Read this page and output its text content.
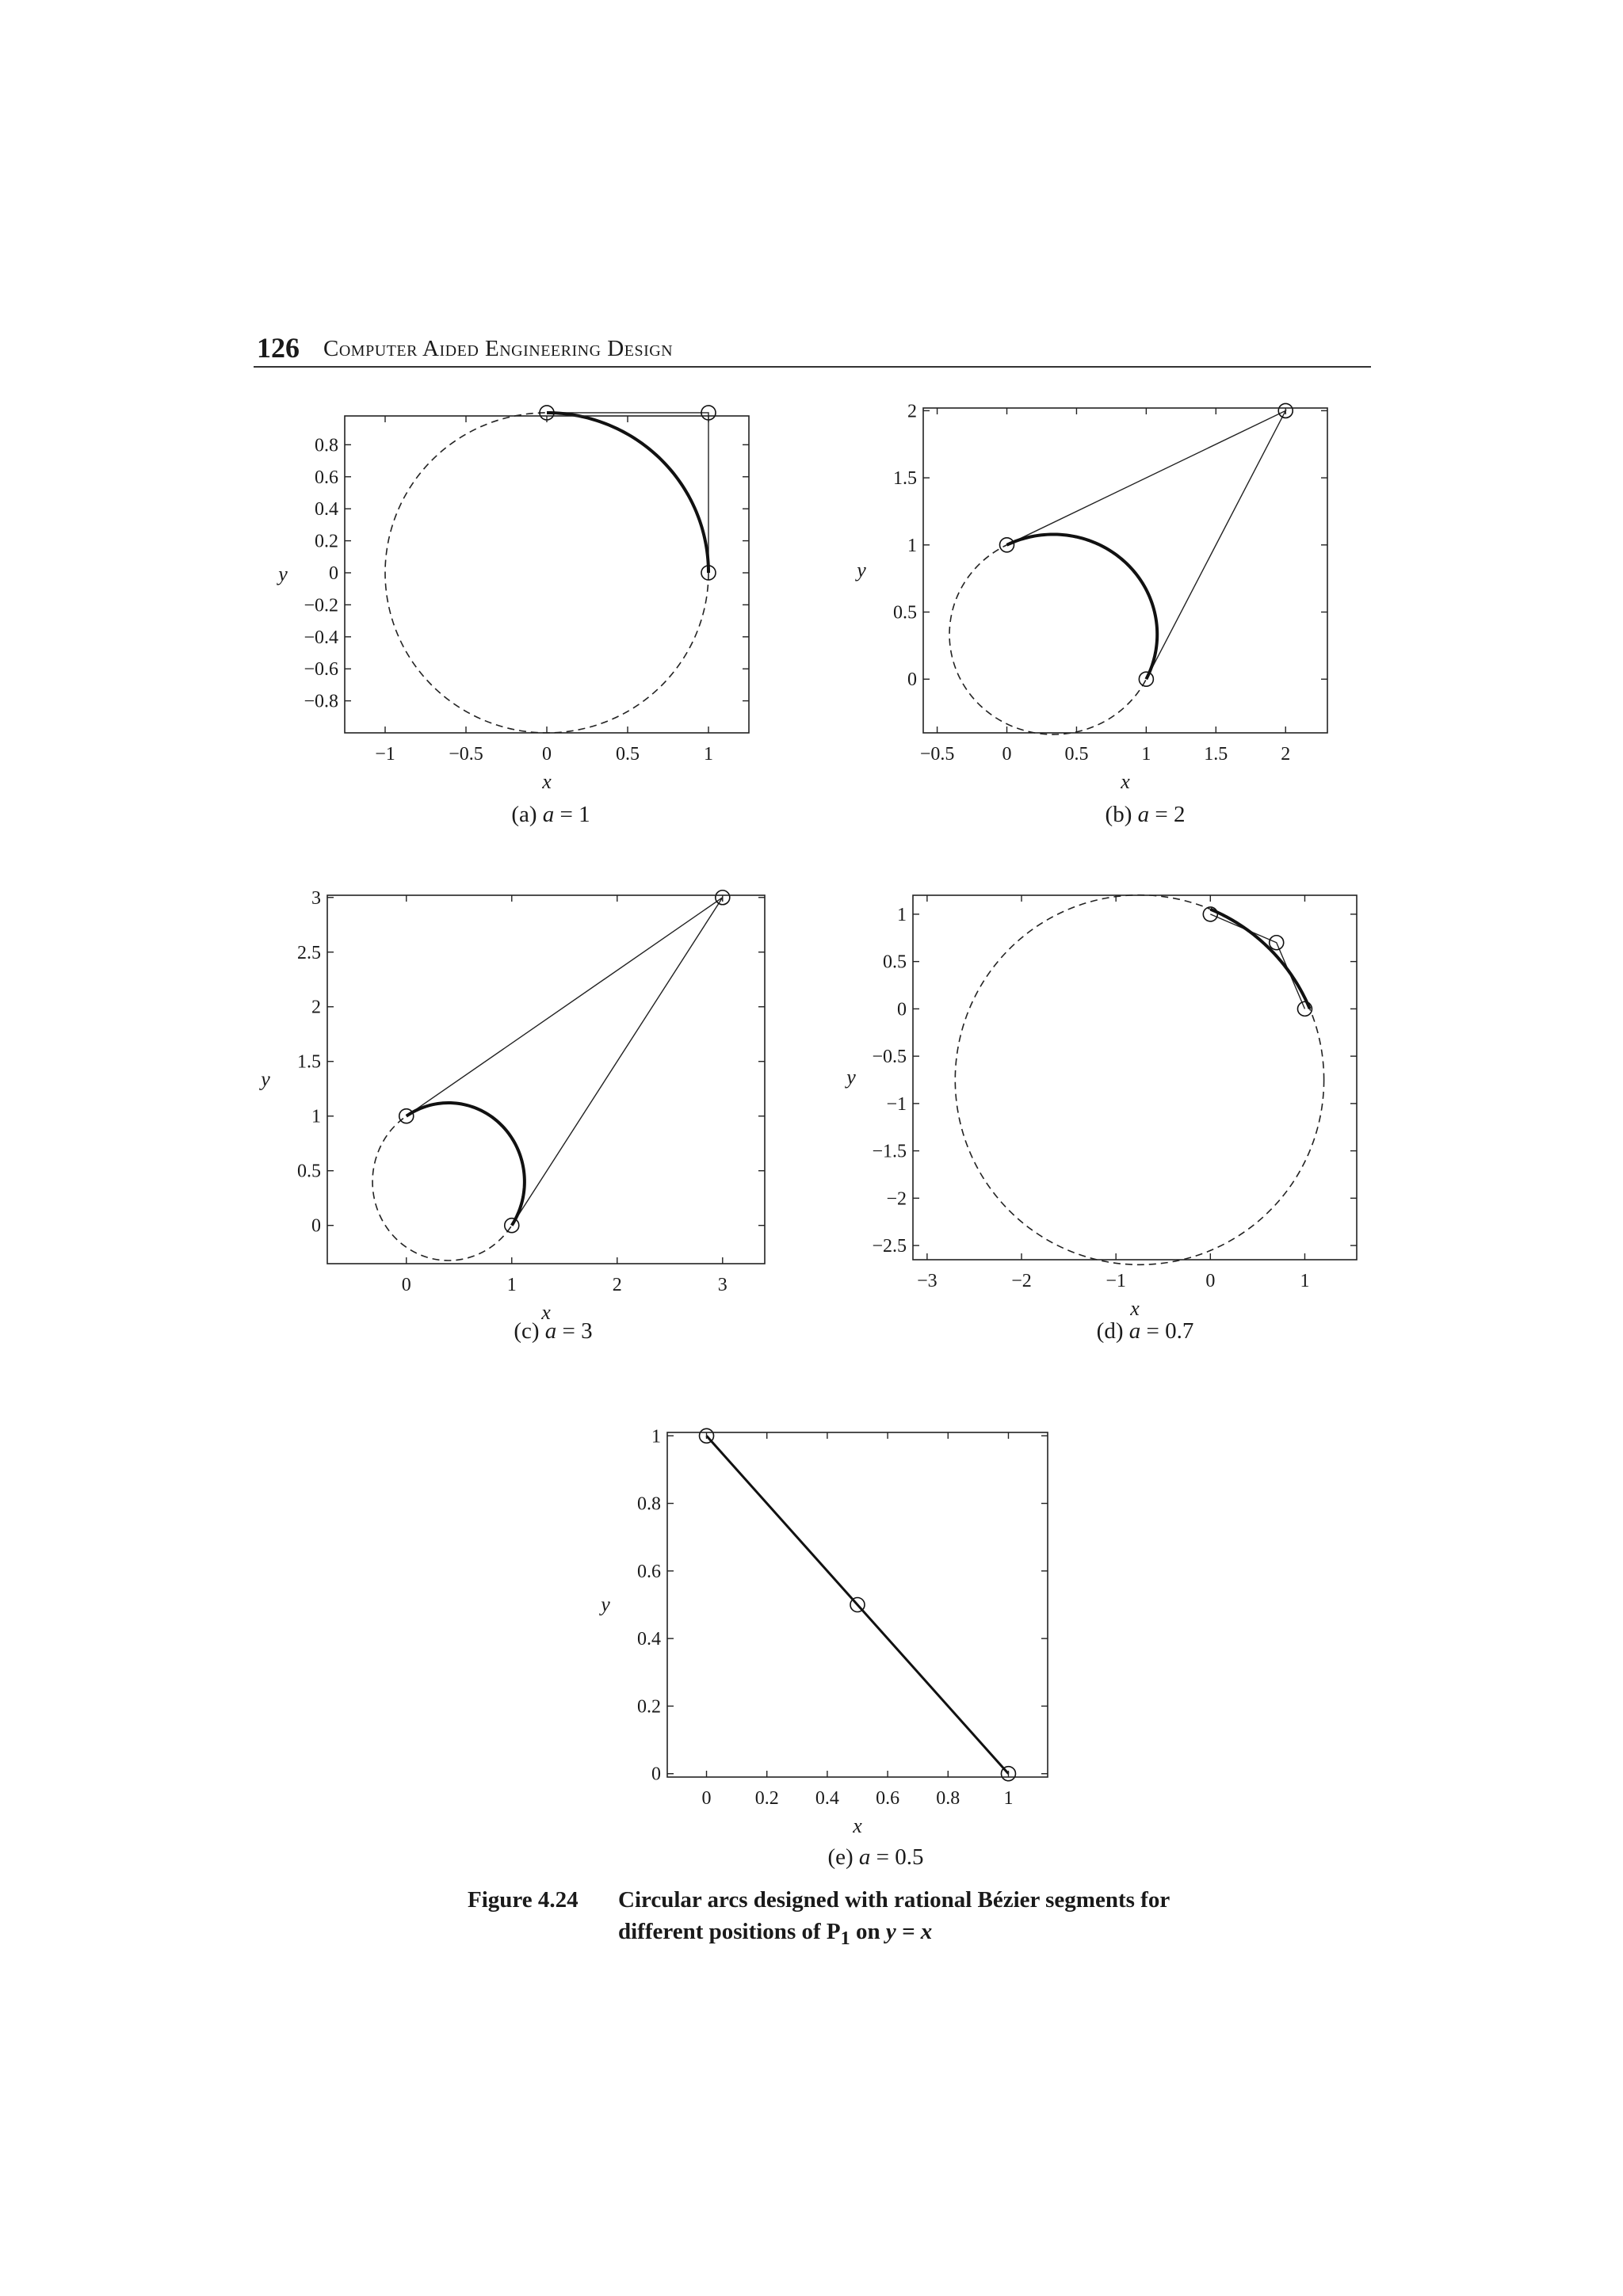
126 Computer Aided Engineering Design
−1	−0.5	0	0.5	1
−0.8
−0.6
−0.4
−0.2
0
0.2
0.4
0.6
0.8
x
y
(a) a = 1
−0.5	0	0.5	1	1.5	2
0
0.5
1
1.5
2
x
y
(b) a = 2
0	1	2	3
0
0.5
1
1.5
2
2.5
3
x
y
(c) a = 3
−3	−2	−1	0	1
−2.5
−2
−1.5
−1
−0.5
0
0.5
1
x
y
(d) a = 0.7
0 0.2 0.4 0.6 0.8 1
0
0.2
0.4
0.6
0.8
1
x
y
(e) a = 0.5
Figure 4.24 Circular arcs designed with rational Bézier segments for
different positions of $P_1$ on y = x
